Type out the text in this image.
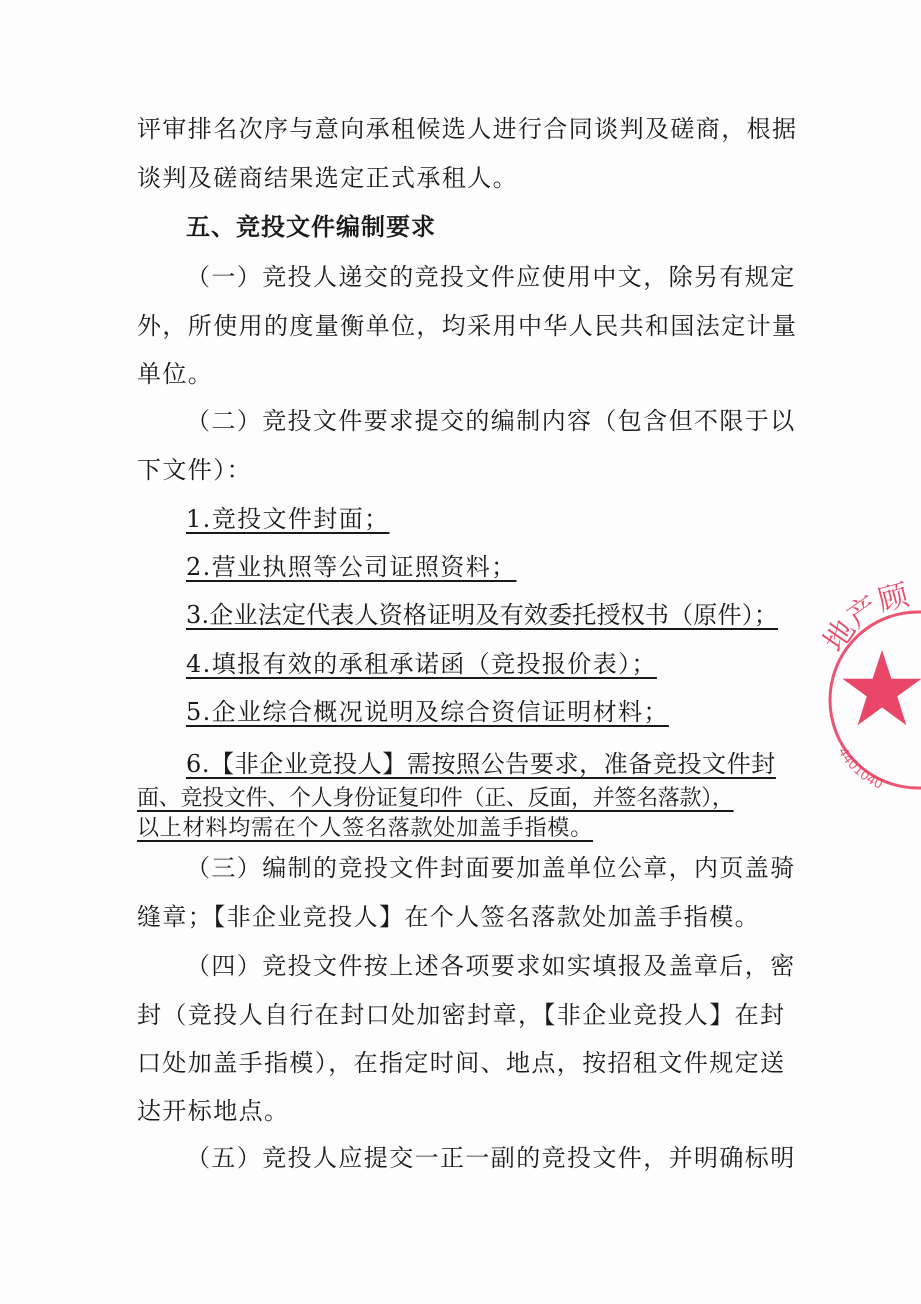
评审排名次序与意向承租候选人进行合同谈判及磋商，根据
谈判及磋商结果选定正式承租人。
五、竞投文件编制要求
（一）竞投人递交的竞投文件应使用中文，除另有规定
外，所使用的度量衡单位，均采用中华人民共和国法定计量
单位。
（二）竞投文件要求提交的编制内容（包含但不限于以
下文件）：
1.竞投文件封面；
2.营业执照等公司证照资料；
3.企业法定代表人资格证明及有效委托授权书（原件）；
4.填报有效的承租承诺函（竞投报价表）；
5.企业综合概况说明及综合资信证明材料；
6.【非企业竞投人】需按照公告要求，准备竞投文件封
面、竞投文件、个人身份证复印件（正、反面，并签名落款），
以上材料均需在个人签名落款处加盖手指模。
（三）编制的竞投文件封面要加盖单位公章，内页盖骑
缝章；【非企业竞投人】在个人签名落款处加盖手指模。
（四）竞投文件按上述各项要求如实填报及盖章后，密
封（竞投人自行在封口处加密封章，【非企业竞投人】在封
口处加盖手指模），在指定时间、地点，按招租文件规定送
达开标地点。
（五）竞投人应提交一正一副的竞投文件，并明确标明
地产顾
4401040
